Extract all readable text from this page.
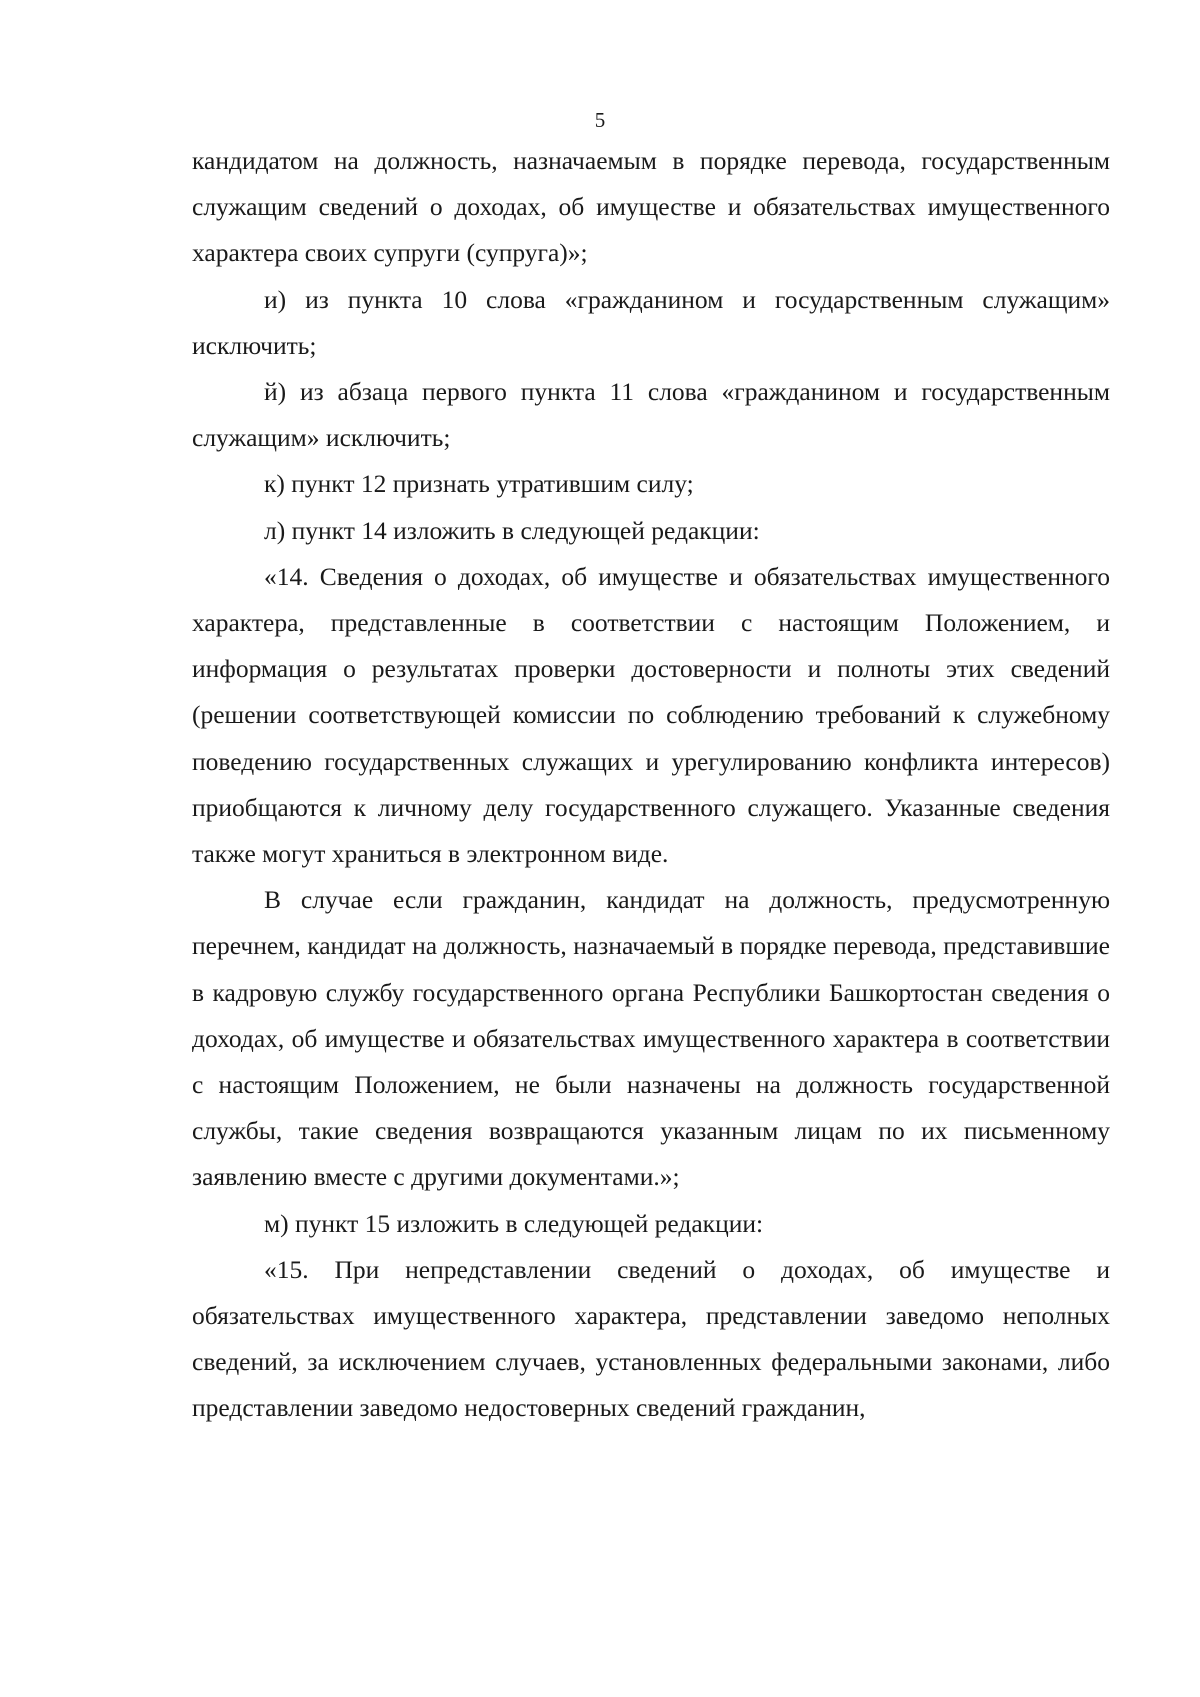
5

кандидатом на должность, назначаемым в порядке перевода, государственным служащим сведений о доходах, об имуществе и обязательствах имущественного характера своих супруги (супруга)»;

и) из пункта 10 слова «гражданином и государственным служащим» исключить;

й) из абзаца первого пункта 11 слова «гражданином и государственным служащим» исключить;

к) пункт 12 признать утратившим силу;

л) пункт 14 изложить в следующей редакции:

«14. Сведения о доходах, об имуществе и обязательствах имущественного характера, представленные в соответствии с настоящим Положением, и информация о результатах проверки достоверности и полноты этих сведений (решении соответствующей комиссии по соблюдению требований к служебному поведению государственных служащих и урегулированию конфликта интересов) приобщаются к личному делу государственного служащего. Указанные сведения также могут храниться в электронном виде.

В случае если гражданин, кандидат на должность, предусмотренную перечнем, кандидат на должность, назначаемый в порядке перевода, представившие в кадровую службу государственного органа Республики Башкортостан сведения о доходах, об имуществе и обязательствах имущественного характера в соответствии с настоящим Положением, не были назначены на должность государственной службы, такие сведения возвращаются указанным лицам по их письменному заявлению вместе с другими документами.»;

м) пункт 15 изложить в следующей редакции:

«15. При непредставлении сведений о доходах, об имуществе и обязательствах имущественного характера, представлении заведомо неполных сведений, за исключением случаев, установленных федеральными законами, либо представлении заведомо недостоверных сведений гражданин,
